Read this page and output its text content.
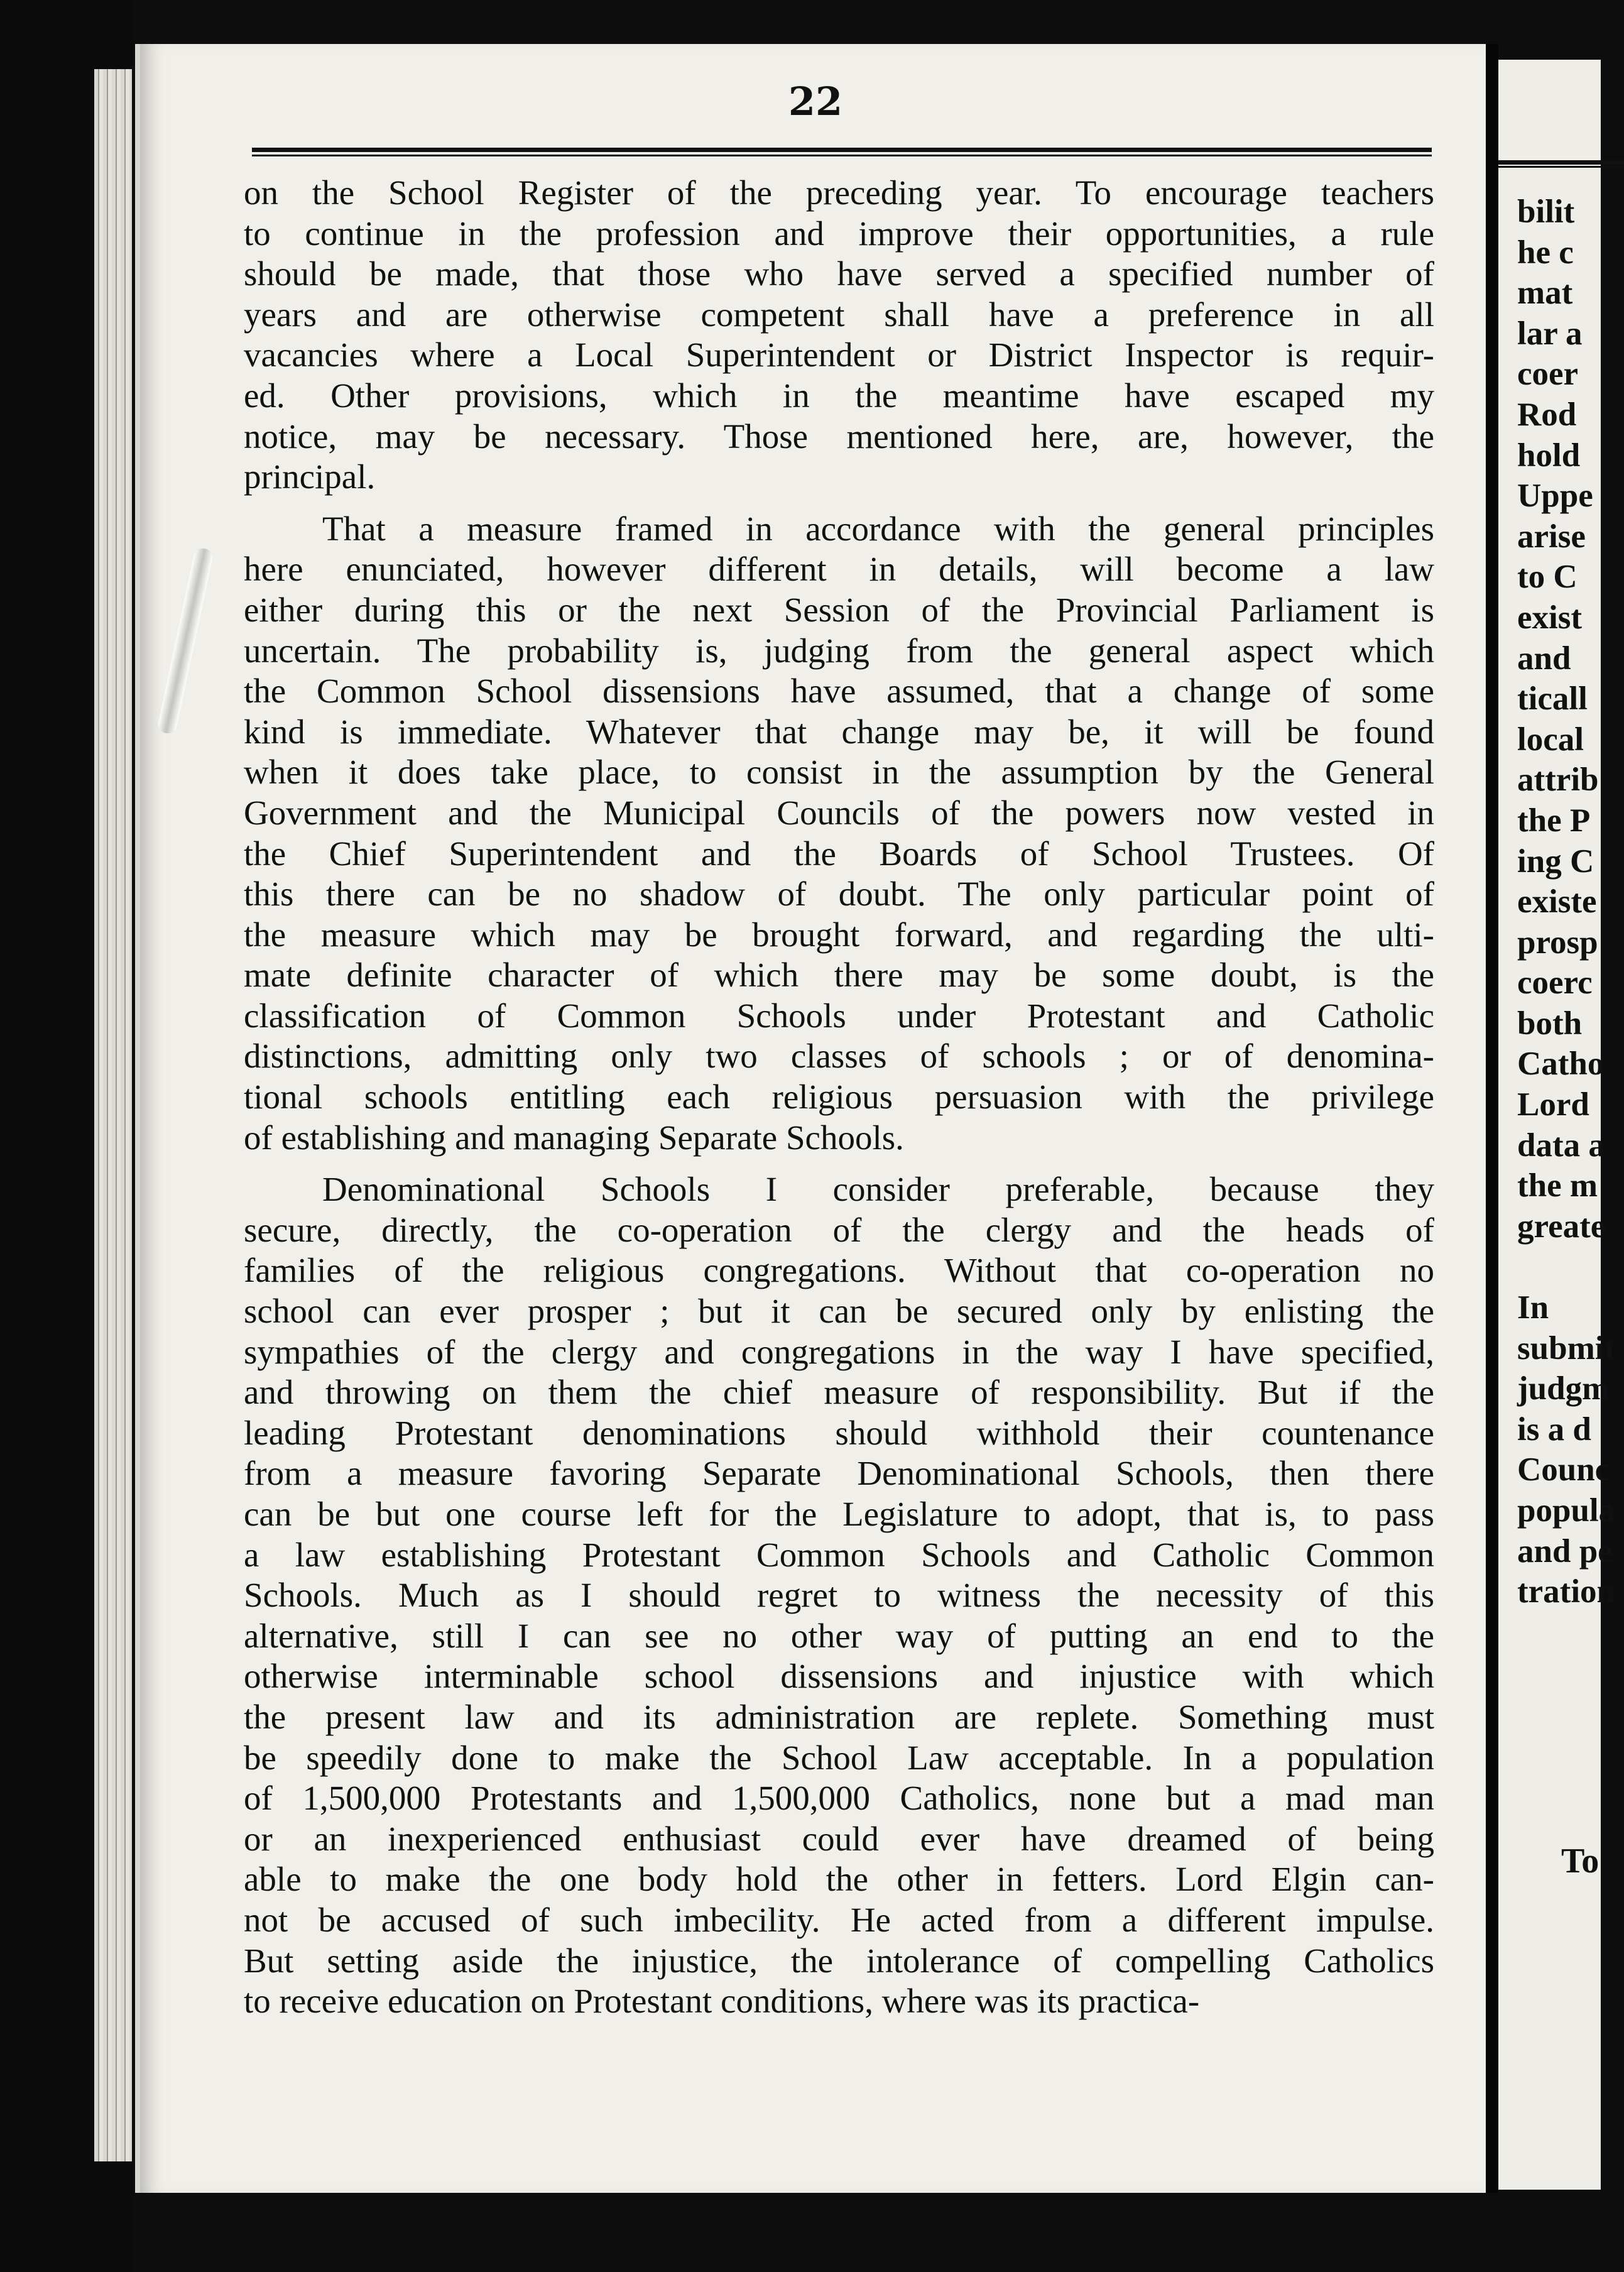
22
on the School Register of the preceding year. To encourage teachers
to continue in the profession and improve their opportunities, a rule
should be made, that those who have served a specified number of
years and are otherwise competent shall have a preference in all
vacancies where a Local Superintendent or District Inspector is requir-
ed. Other provisions, which in the meantime have escaped my
notice, may be necessary. Those mentioned here, are, however, the
principal.
That a measure framed in accordance with the general principles
here enunciated, however different in details, will become a law
either during this or the next Session of the Provincial Parliament is
uncertain. The probability is, judging from the general aspect which
the Common School dissensions have assumed, that a change of some
kind is immediate. Whatever that change may be, it will be found
when it does take place, to consist in the assumption by the General
Government and the Municipal Councils of the powers now vested in
the Chief Superintendent and the Boards of School Trustees. Of
this there can be no shadow of doubt. The only particular point of
the measure which may be brought forward, and regarding the ulti-
mate definite character of which there may be some doubt, is the
classification of Common Schools under Protestant and Catholic
distinctions, admitting only two classes of schools ; or of denomina-
tional schools entitling each religious persuasion with the privilege
of establishing and managing Separate Schools.
Denominational Schools I consider preferable, because they
secure, directly, the co-operation of the clergy and the heads of
families of the religious congregations. Without that co-operation no
school can ever prosper ; but it can be secured only by enlisting the
sympathies of the clergy and congregations in the way I have specified,
and throwing on them the chief measure of responsibility. But if the
leading Protestant denominations should withhold their countenance
from a measure favoring Separate Denominational Schools, then there
can be but one course left for the Legislature to adopt, that is, to pass
a law establishing Protestant Common Schools and Catholic Common
Schools. Much as I should regret to witness the necessity of this
alternative, still I can see no other way of putting an end to the
otherwise interminable school dissensions and injustice with which
the present law and its administration are replete. Something must
be speedily done to make the School Law acceptable. In a population
of 1,500,000 Protestants and 1,500,000 Catholics, none but a mad man
or an inexperienced enthusiast could ever have dreamed of being
able to make the one body hold the other in fetters. Lord Elgin can-
not be accused of such imbecility. He acted from a different impulse.
But setting aside the injustice, the intolerance of compelling Catholics
to receive education on Protestant conditions, where was its practica-
bilit
he c
mat
lar a
coer
Rod
hold
Uppe
arise
to C
exist
and
ticall
local
attrib
the P
ing C
existe
prosp
coerc
both
Catho
Lord
data a
the m
greate
In
submit
judgm
is a d
Counc
popula
and pe
tration
To
